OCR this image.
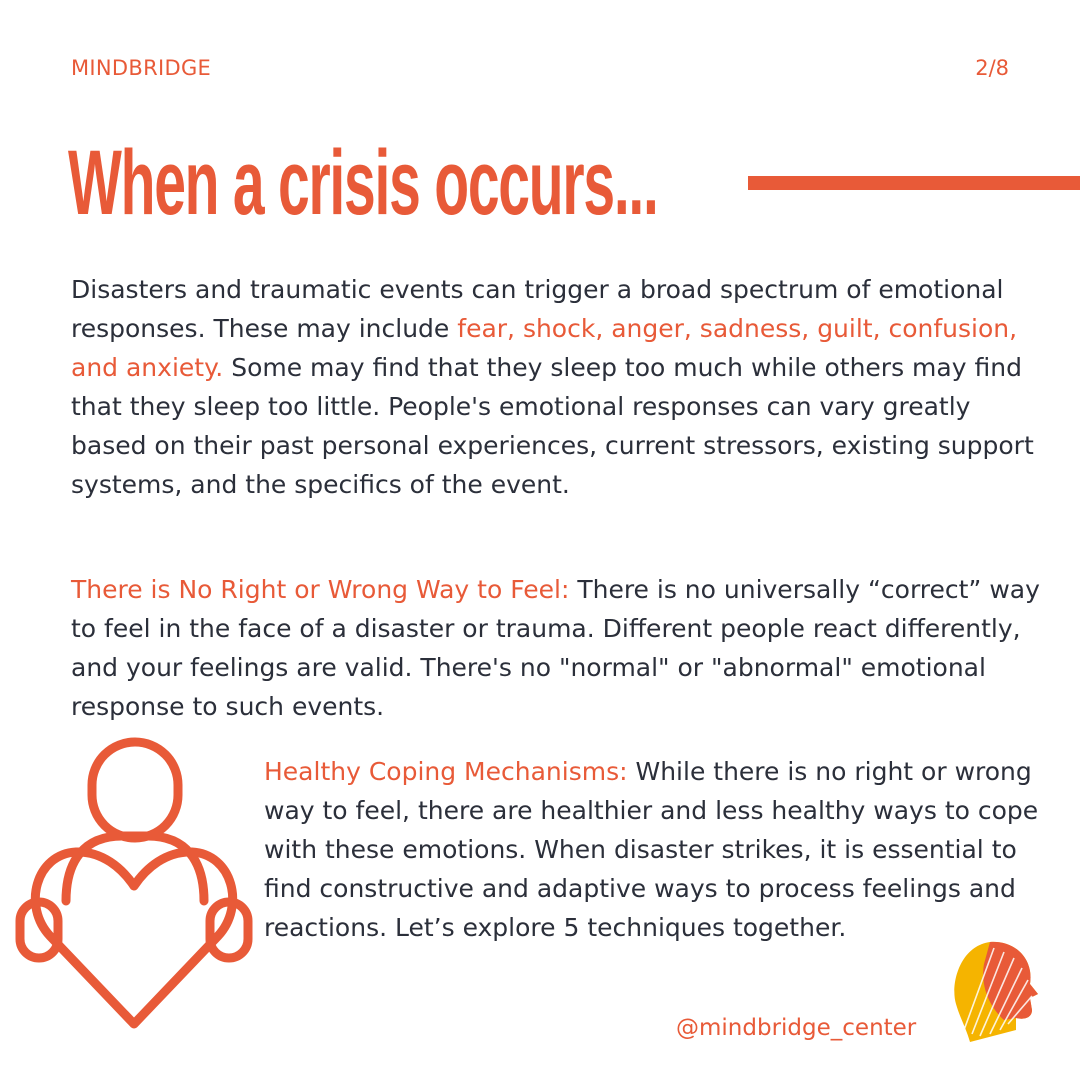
MINDBRIDGE	2/8
When a crisis occurs...

Disasters and traumatic events can trigger a broad spectrum of emotional responses. These may include fear, shock, anger, sadness, guilt, confusion, and anxiety. Some may find that they sleep too much while others may find that they sleep too little. People's emotional responses can vary greatly based on their past personal experiences, current stressors, existing support systems, and the specifics of the event.

There is No Right or Wrong Way to Feel: There is no universally “correct” way to feel in the face of a disaster or trauma. Different people react differently, and your feelings are valid. There's no "normal" or "abnormal" emotional response to such events.

Healthy Coping Mechanisms: While there is no right or wrong way to feel, there are healthier and less healthy ways to cope with these emotions. When disaster strikes, it is essential to find constructive and adaptive ways to process feelings and reactions. Let’s explore 5 techniques together.

@mindbridge_center
